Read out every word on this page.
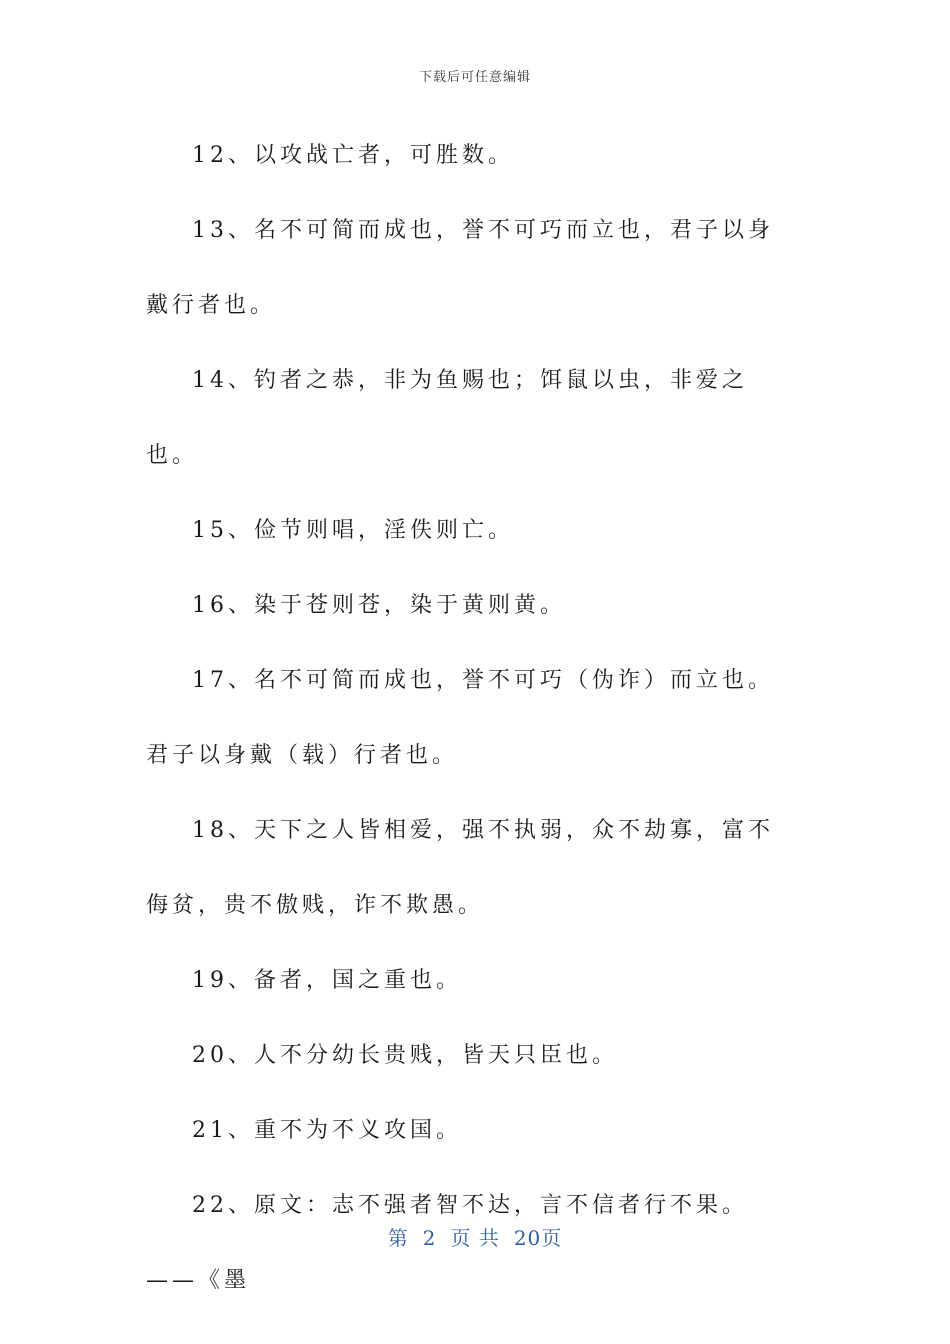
下载后可任意编辑

12、以攻战亡者，可胜数。

13、名不可简而成也，誉不可巧而立也，君子以身戴行者也。

14、钓者之恭，非为鱼赐也；饵鼠以虫，非爱之也。

15、俭节则唱，淫佚则亡。

16、染于苍则苍，染于黄则黄。

17、名不可简而成也，誉不可巧（伪诈）而立也。君子以身戴（载）行者也。

18、天下之人皆相爱，强不执弱，众不劫寡，富不侮贫，贵不傲贱，诈不欺愚。

19、备者，国之重也。

20、人不分幼长贵贱，皆天只臣也。

21、重不为不义攻国。

22、原文：志不强者智不达，言不信者行不果。——《墨

第 2 页 共 20页
